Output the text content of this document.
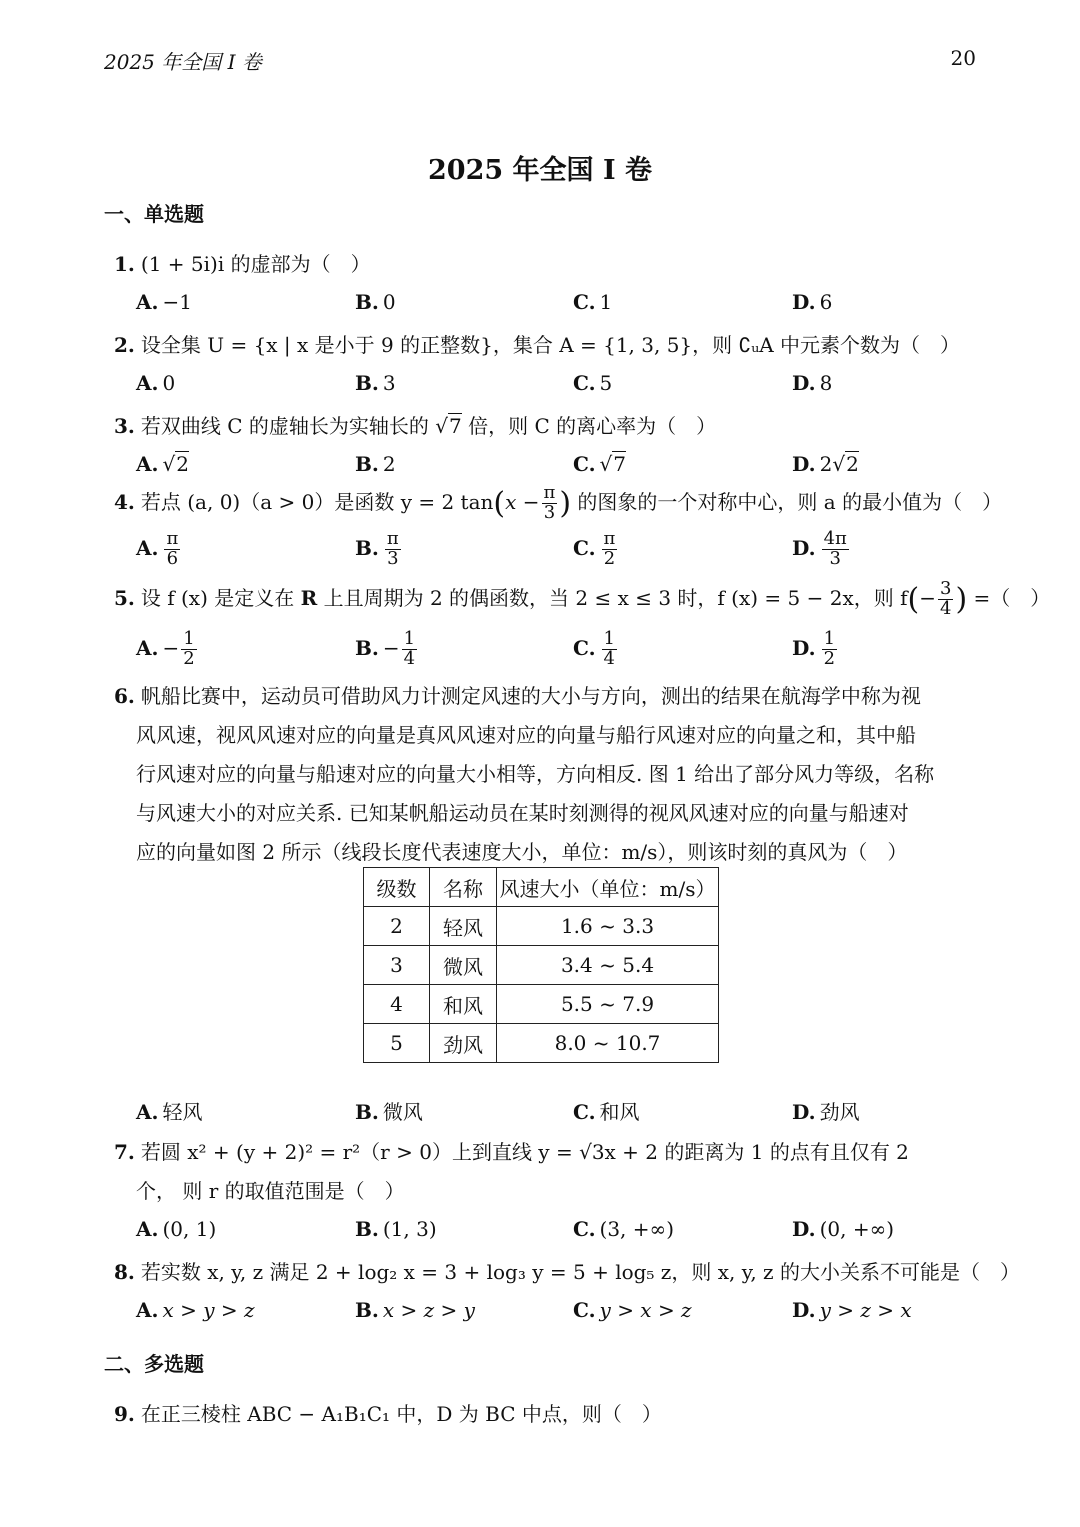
2025 年全国 I 卷	20
2025 年全国 I 卷
一、单选题
1. (1 + 5i)i 的虚部为（　）
A. −1	B. 0	C. 1	D. 6
2. 设全集 U = {x | x 是小于 9 的正整数}，集合 A = {1, 3, 5}，则 ∁ᵤA 中元素个数为（　）
A. 0	B. 3	C. 5	D. 8
3. 若双曲线 C 的虚轴长为实轴长的 √7 倍，则 C 的离心率为（　）
A. √2	B. 2	C. √7	D. 2√2
4. 若点 (a, 0)（a > 0）是函数 y = 2 $\tan(x - \frac{\pi}{3}$ ) 的图象的一个对称中心，则 a 的最小值为（　）
A. $\frac{\pi}{6}$	B. $\frac{\pi}{3}$	C. $\frac{\pi}{2}$	D. $\frac{4\pi}{3}$
5. 设 f (x) 是定义在 R 上且周期为 2 的偶函数，当 2 ≤ x ≤ 3 时，f (x) = 5 − 2x，则 $f(- \frac{3}{4}$ ) =（　）
A. − $\frac{1}{2}$	B. − $\frac{1}{4}$	C. $\frac{1}{4}$	D. $\frac{1}{2}$
6. 帆船比赛中，运动员可借助风力计测定风速的大小与方向，测出的结果在航海学中称为视
风风速，视风风速对应的向量是真风风速对应的向量与船行风速对应的向量之和，其中船
行风速对应的向量与船速对应的向量大小相等，方向相反. 图 1 给出了部分风力等级，名称
与风速大小的对应关系. 已知某帆船运动员在某时刻测得的视风风速对应的向量与船速对
应的向量如图 2 所示（线段长度代表速度大小，单位：m/s），则该时刻的真风为（　）
级数	名称	风速大小（单位：m/s）
2	轻风	1.6 ~ 3.3
3	微风	3.4 ~ 5.4
4	和风	5.5 ~ 7.9
5	劲风	8.0 ~ 10.7
A. 轻风	B. 微风	C. 和风	D. 劲风
7. 若圆 x² + (y + 2)² = r²（r > 0）上到直线 y = √3x + 2 的距离为 1 的点有且仅有 2
个， 则 r 的取值范围是（　）
A. (0, 1)	B. (1, 3)	C. (3, +∞)	D. (0, +∞)
8. 若实数 x, y, z 满足 2 + log₂ x = 3 + log₃ y = 5 + log₅ z，则 x, y, z 的大小关系不可能是（　）
A. x > y > z	B. x > z > y	C. y > x > z	D. y > z > x
二、多选题
9. 在正三棱柱 ABC − A₁B₁C₁ 中，D 为 BC 中点，则（　）
